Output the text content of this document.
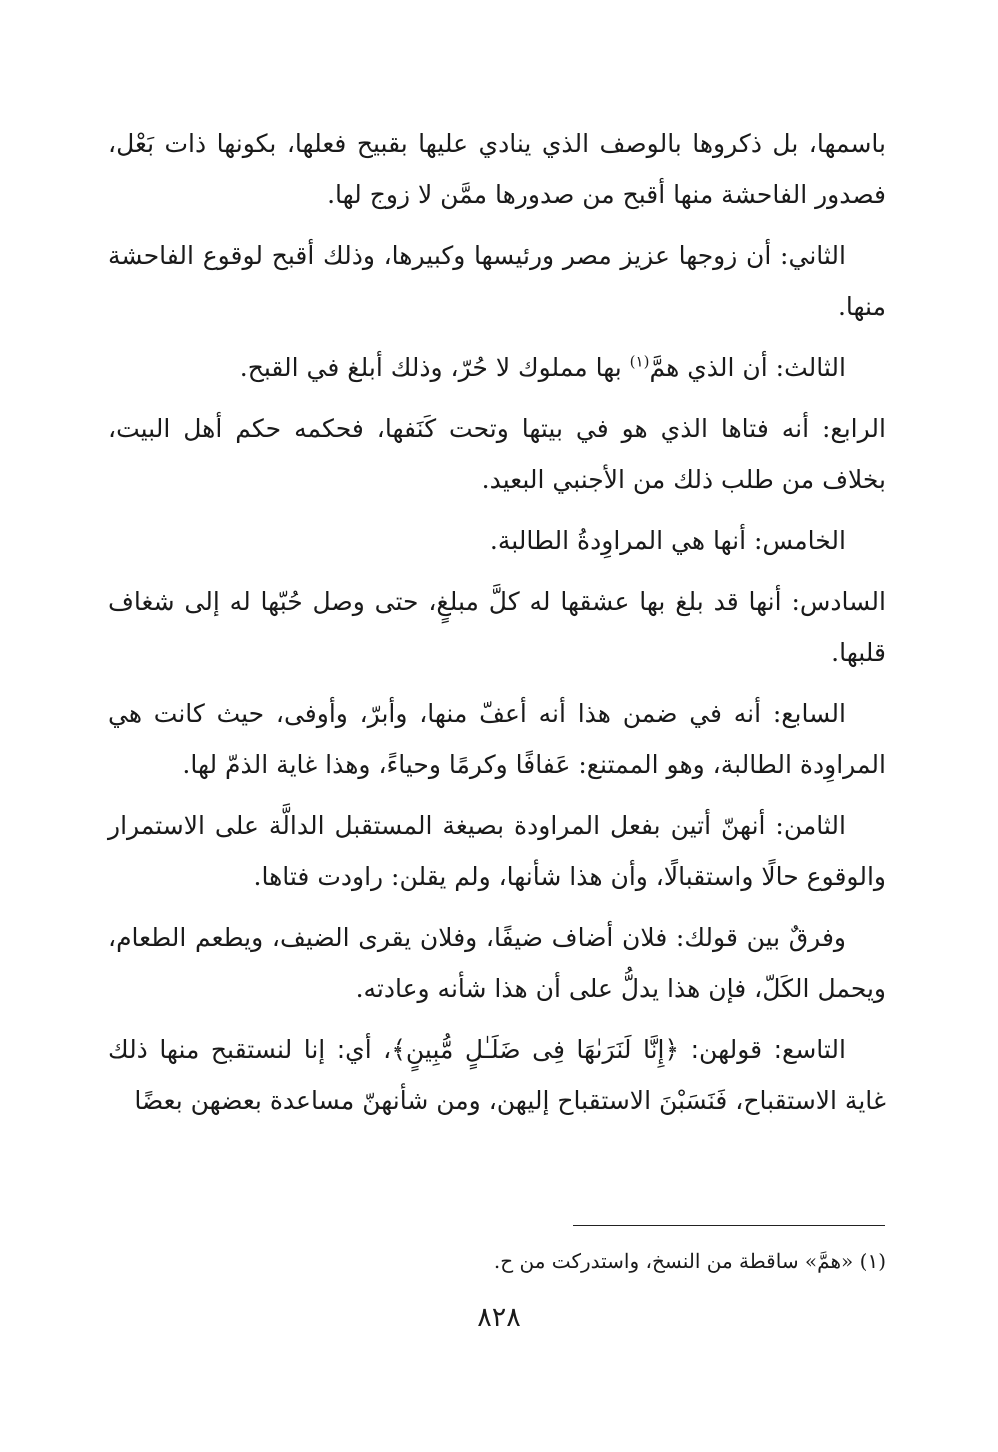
باسمها، بل ذكروها بالوصف الذي ينادي عليها بقبيح فعلها، بكونها ذات بَعْل، فصدور الفاحشة منها أقبح من صدورها ممَّن لا زوج لها.

الثاني: أن زوجها عزيز مصر ورئيسها وكبيرها، وذلك أقبح لوقوع الفاحشة منها.

الثالث: أن الذي همَّ$^{(١)}$ بها مملوك لا حُرّ، وذلك أبلغ في القبح.

الرابع: أنه فتاها الذي هو في بيتها وتحت كَنَفها، فحكمه حكم أهل البيت، بخلاف من طلب ذلك من الأجنبي البعيد.

الخامس: أنها هي المراوِدةُ الطالبة.

السادس: أنها قد بلغ بها عشقها له كلَّ مبلغٍ، حتى وصل حُبّها له إلى شغاف قلبها.

السابع: أنه في ضمن هذا أنه أعفّ منها، وأبرّ، وأوفى، حيث كانت هي المراوِدة الطالبة، وهو الممتنع: عَفافًا وكرمًا وحياءً، وهذا غاية الذمّ لها.

الثامن: أنهنّ أتين بفعل المراودة بصيغة المستقبل الدالَّة على الاستمرار والوقوع حالًا واستقبالًا، وأن هذا شأنها، ولم يقلن: راودت فتاها.

وفرقٌ بين قولك: فلان أضاف ضيفًا، وفلان يقرى الضيف، ويطعم الطعام، ويحمل الكَلّ، فإن هذا يدلُّ على أن هذا شأنه وعادته.

التاسع: قولهن: ﴿إِنَّا لَنَرَىٰهَا فِى ضَلَـٰلٍ مُّبِينٍ﴾، أي: إنا لنستقبح منها ذلك غاية الاستقباح، فَنَسَبْنَ الاستقباح إليهن، ومن شأنهنّ مساعدة بعضهن بعضًا

(١) «همَّ» ساقطة من النسخ، واستدركت من ح.
٨٢٨
